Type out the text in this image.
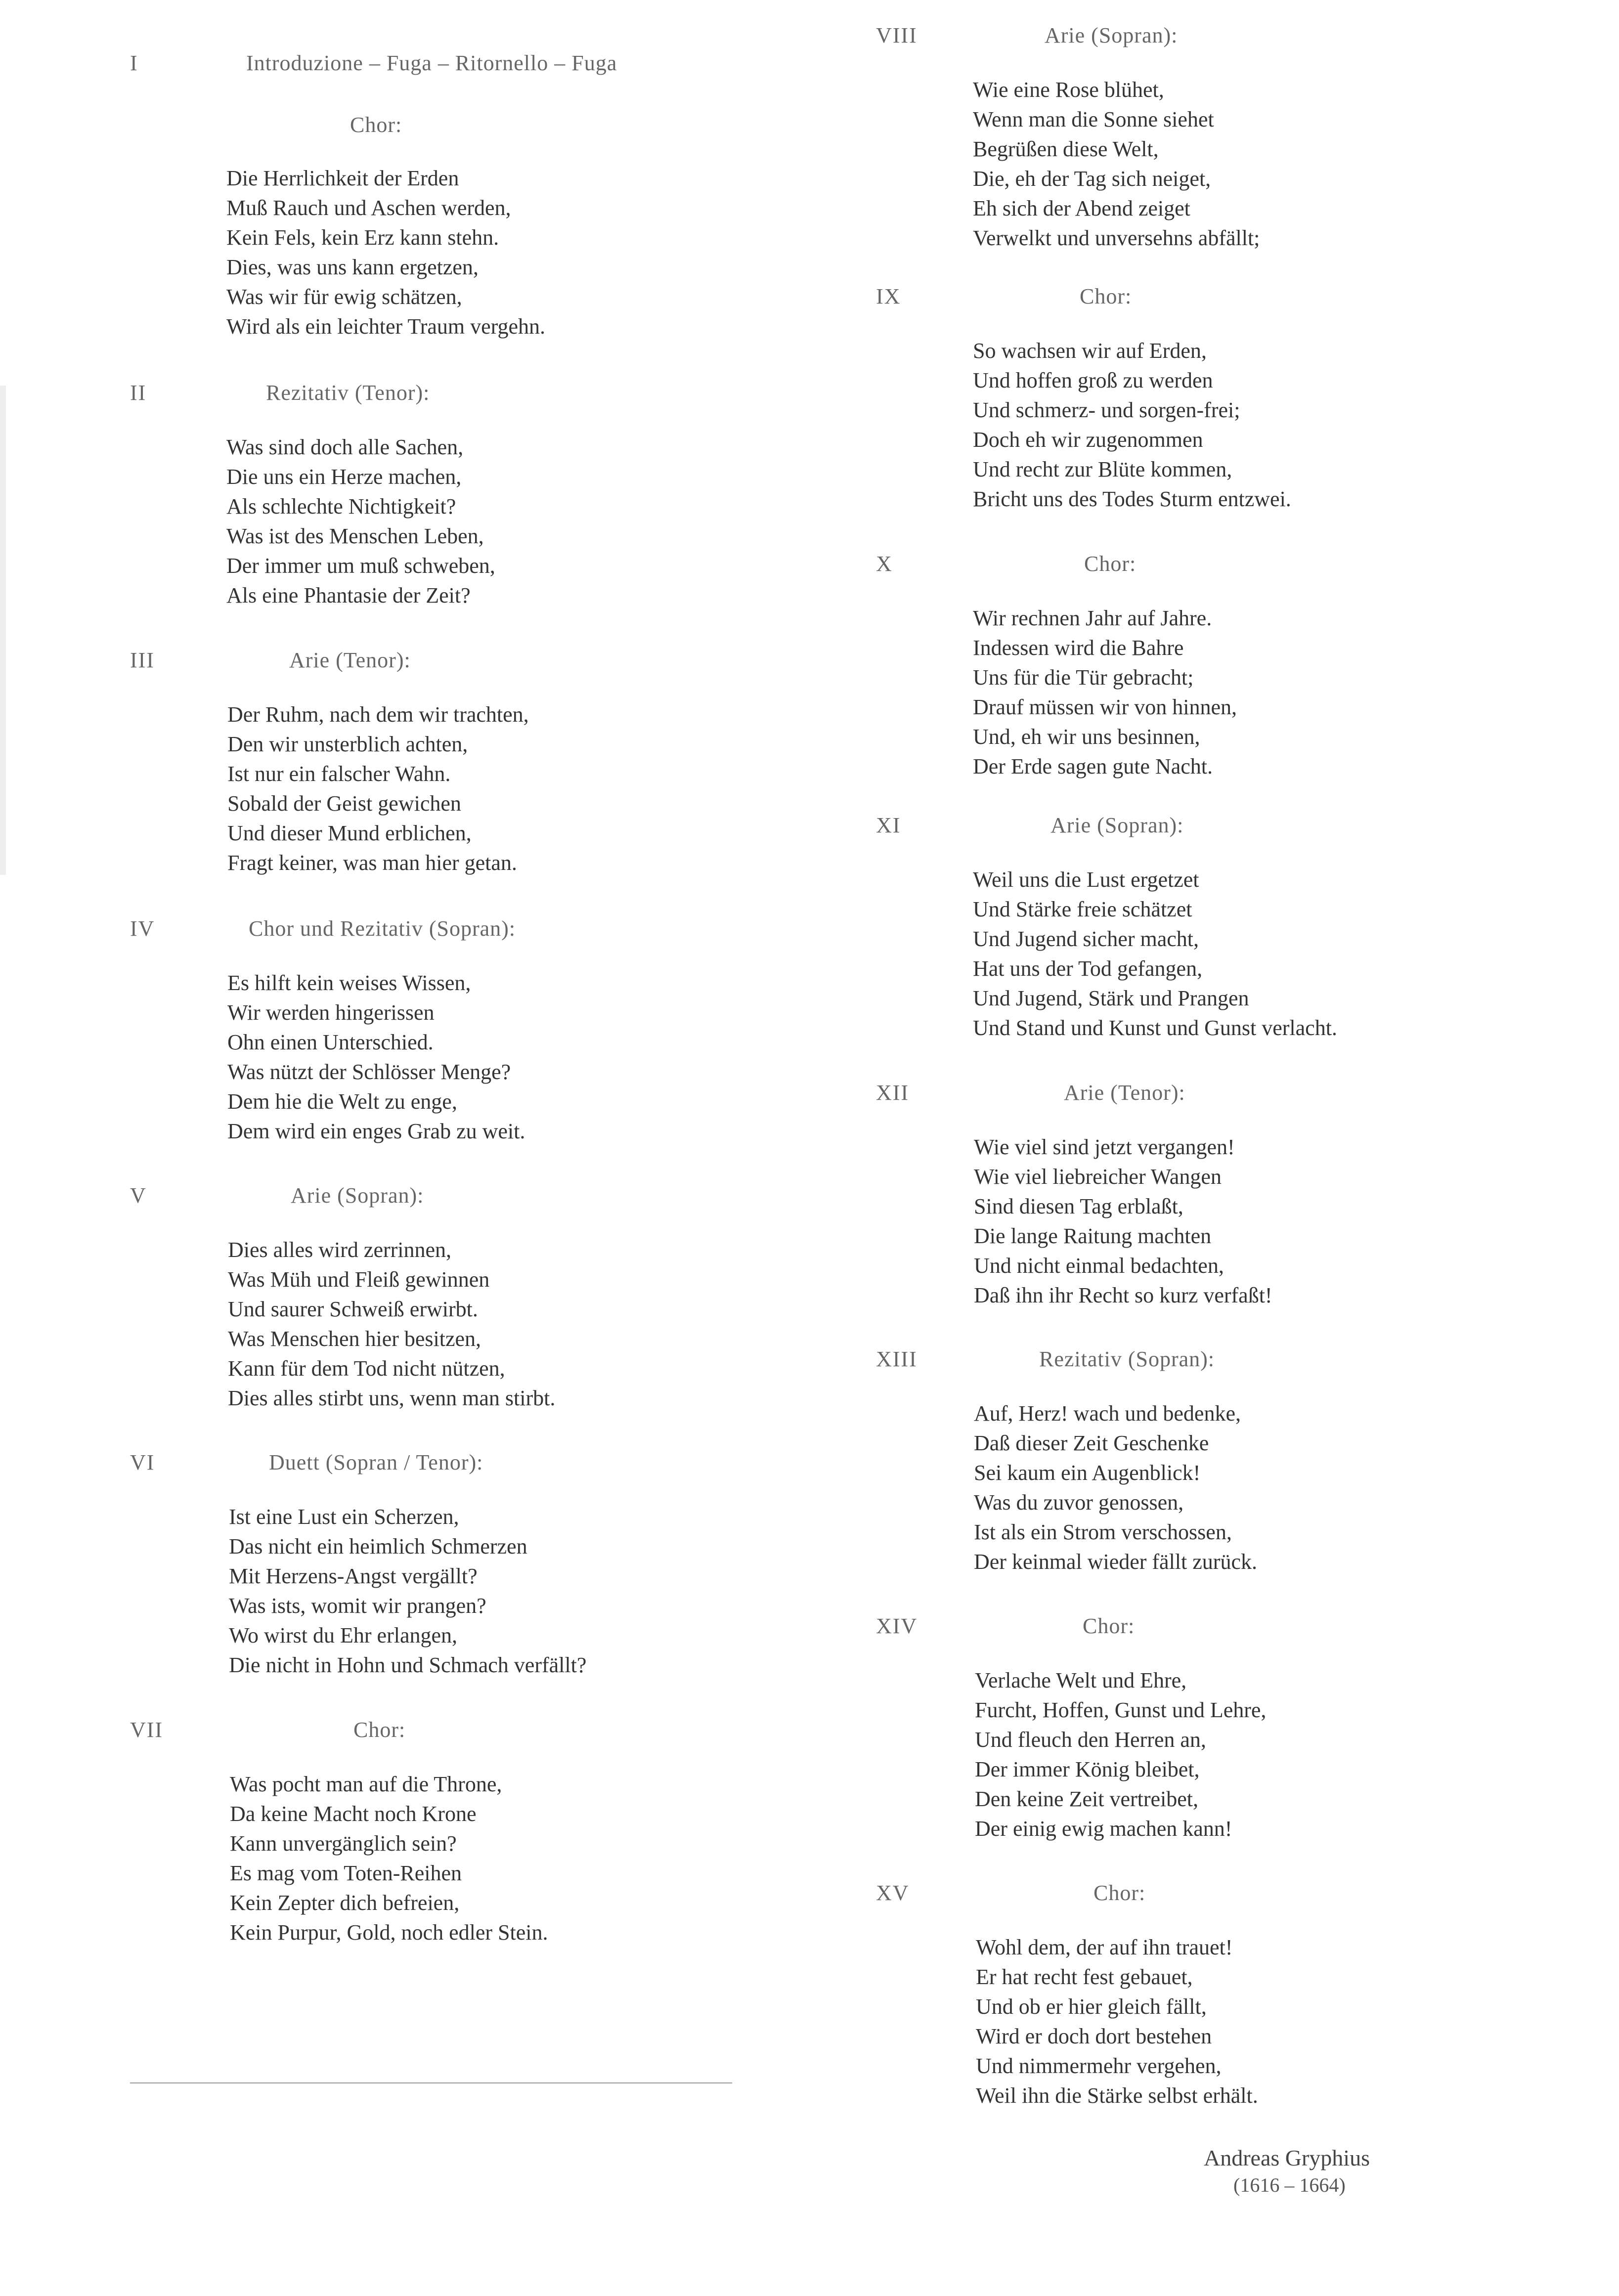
I	Introduzione – Fuga – Ritornello – Fuga
Chor:
Die Herrlichkeit der Erden
Muß Rauch und Aschen werden,
Kein Fels, kein Erz kann stehn.
Dies, was uns kann ergetzen,
Was wir für ewig schätzen,
Wird als ein leichter Traum vergehn.
II	Rezitativ (Tenor):
Was sind doch alle Sachen,
Die uns ein Herze machen,
Als schlechte Nichtigkeit?
Was ist des Menschen Leben,
Der immer um muß schweben,
Als eine Phantasie der Zeit?
III	Arie (Tenor):
Der Ruhm, nach dem wir trachten,
Den wir unsterblich achten,
Ist nur ein falscher Wahn.
Sobald der Geist gewichen
Und dieser Mund erblichen,
Fragt keiner, was man hier getan.
IV	Chor und Rezitativ (Sopran):
Es hilft kein weises Wissen,
Wir werden hingerissen
Ohn einen Unterschied.
Was nützt der Schlösser Menge?
Dem hie die Welt zu enge,
Dem wird ein enges Grab zu weit.
V	Arie (Sopran):
Dies alles wird zerrinnen,
Was Müh und Fleiß gewinnen
Und saurer Schweiß erwirbt.
Was Menschen hier besitzen,
Kann für dem Tod nicht nützen,
Dies alles stirbt uns, wenn man stirbt.
VI	Duett (Sopran / Tenor):
Ist eine Lust ein Scherzen,
Das nicht ein heimlich Schmerzen
Mit Herzens-Angst vergällt?
Was ists, womit wir prangen?
Wo wirst du Ehr erlangen,
Die nicht in Hohn und Schmach verfällt?
VII	Chor:
Was pocht man auf die Throne,
Da keine Macht noch Krone
Kann unvergänglich sein?
Es mag vom Toten-Reihen
Kein Zepter dich befreien,
Kein Purpur, Gold, noch edler Stein.
VIII	Arie (Sopran):
Wie eine Rose blühet,
Wenn man die Sonne siehet
Begrüßen diese Welt,
Die, eh der Tag sich neiget,
Eh sich der Abend zeiget
Verwelkt und unversehns abfällt;
IX	Chor:
So wachsen wir auf Erden,
Und hoffen groß zu werden
Und schmerz- und sorgen-frei;
Doch eh wir zugenommen
Und recht zur Blüte kommen,
Bricht uns des Todes Sturm entzwei.
X	Chor:
Wir rechnen Jahr auf Jahre.
Indessen wird die Bahre
Uns für die Tür gebracht;
Drauf müssen wir von hinnen,
Und, eh wir uns besinnen,
Der Erde sagen gute Nacht.
XI	Arie (Sopran):
Weil uns die Lust ergetzet
Und Stärke freie schätzet
Und Jugend sicher macht,
Hat uns der Tod gefangen,
Und Jugend, Stärk und Prangen
Und Stand und Kunst und Gunst verlacht.
XII	Arie (Tenor):
Wie viel sind jetzt vergangen!
Wie viel liebreicher Wangen
Sind diesen Tag erblaßt,
Die lange Raitung machten
Und nicht einmal bedachten,
Daß ihn ihr Recht so kurz verfaßt!
XIII	Rezitativ (Sopran):
Auf, Herz! wach und bedenke,
Daß dieser Zeit Geschenke
Sei kaum ein Augenblick!
Was du zuvor genossen,
Ist als ein Strom verschossen,
Der keinmal wieder fällt zurück.
XIV	Chor:
Verlache Welt und Ehre,
Furcht, Hoffen, Gunst und Lehre,
Und fleuch den Herren an,
Der immer König bleibet,
Den keine Zeit vertreibet,
Der einig ewig machen kann!
XV	Chor:
Wohl dem, der auf ihn trauet!
Er hat recht fest gebauet,
Und ob er hier gleich fällt,
Wird er doch dort bestehen
Und nimmermehr vergehen,
Weil ihn die Stärke selbst erhält.
Andreas Gryphius
(1616 – 1664)
